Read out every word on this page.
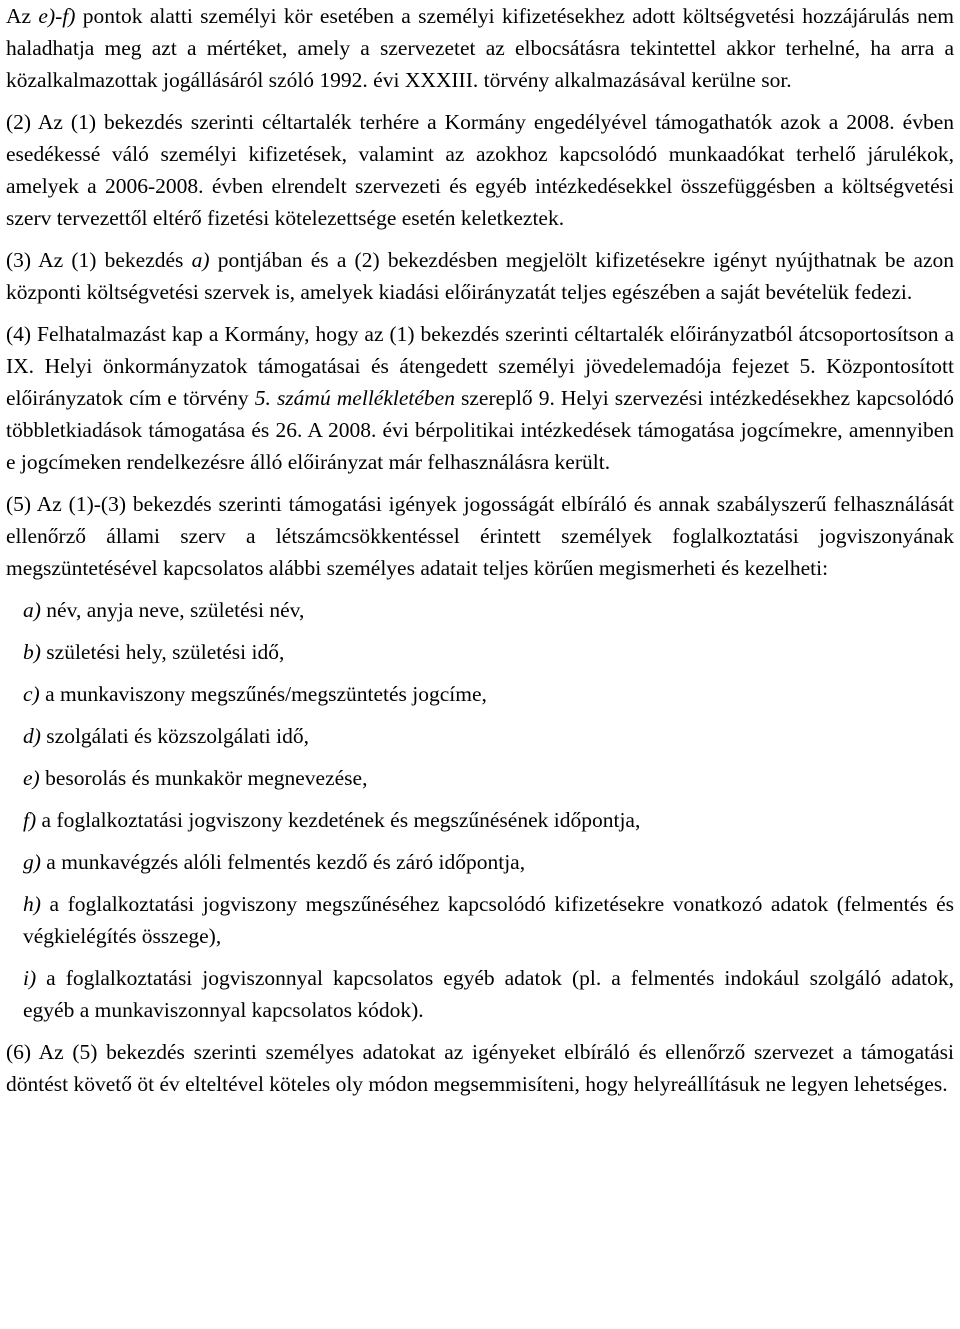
Az e)-f) pontok alatti személyi kör esetében a személyi kifizetésekhez adott költségvetési hozzájárulás nem haladhatja meg azt a mértéket, amely a szervezetet az elbocsátásra tekintettel akkor terhelné, ha arra a közalkalmazottak jogállásáról szóló 1992. évi XXXIII. törvény alkalmazásával kerülne sor.

(2) Az (1) bekezdés szerinti céltartalék terhére a Kormány engedélyével támogathatók azok a 2008. évben esedékessé váló személyi kifizetések, valamint az azokhoz kapcsolódó munkaadókat terhelő járulékok, amelyek a 2006-2008. évben elrendelt szervezeti és egyéb intézkedésekkel összefüggésben a költségvetési szerv tervezettől eltérő fizetési kötelezettsége esetén keletkeztek.

(3) Az (1) bekezdés a) pontjában és a (2) bekezdésben megjelölt kifizetésekre igényt nyújthatnak be azon központi költségvetési szervek is, amelyek kiadási előirányzatát teljes egészében a saját bevételük fedezi.

(4) Felhatalmazást kap a Kormány, hogy az (1) bekezdés szerinti céltartalék előirányzatból átcsoportosítson a IX. Helyi önkormányzatok támogatásai és átengedett személyi jövedelemadója fejezet 5. Központosított előirányzatok cím e törvény 5. számú mellékletében szereplő 9. Helyi szervezési intézkedésekhez kapcsolódó többletkiadások támogatása és 26. A 2008. évi bérpolitikai intézkedések támogatása jogcímekre, amennyiben e jogcímeken rendelkezésre álló előirányzat már felhasználásra került.

(5) Az (1)-(3) bekezdés szerinti támogatási igények jogosságát elbíráló és annak szabályszerű felhasználását ellenőrző állami szerv a létszámcsökkentéssel érintett személyek foglalkoztatási jogviszonyának megszüntetésével kapcsolatos alábbi személyes adatait teljes körűen megismerheti és kezelheti:

a) név, anyja neve, születési név,
b) születési hely, születési idő,
c) a munkaviszony megszűnés/megszüntetés jogcíme,
d) szolgálati és közszolgálati idő,
e) besorolás és munkakör megnevezése,
f) a foglalkoztatási jogviszony kezdetének és megszűnésének időpontja,
g) a munkavégzés alóli felmentés kezdő és záró időpontja,
h) a foglalkoztatási jogviszony megszűnéséhez kapcsolódó kifizetésekre vonatkozó adatok (felmentés és végkielégítés összege),
i) a foglalkoztatási jogviszonnyal kapcsolatos egyéb adatok (pl. a felmentés indokául szolgáló adatok, egyéb a munkaviszonnyal kapcsolatos kódok).

(6) Az (5) bekezdés szerinti személyes adatokat az igényeket elbíráló és ellenőrző szervezet a támogatási döntést követő öt év elteltével köteles oly módon megsemmisíteni, hogy helyreállításuk ne legyen lehetséges.
